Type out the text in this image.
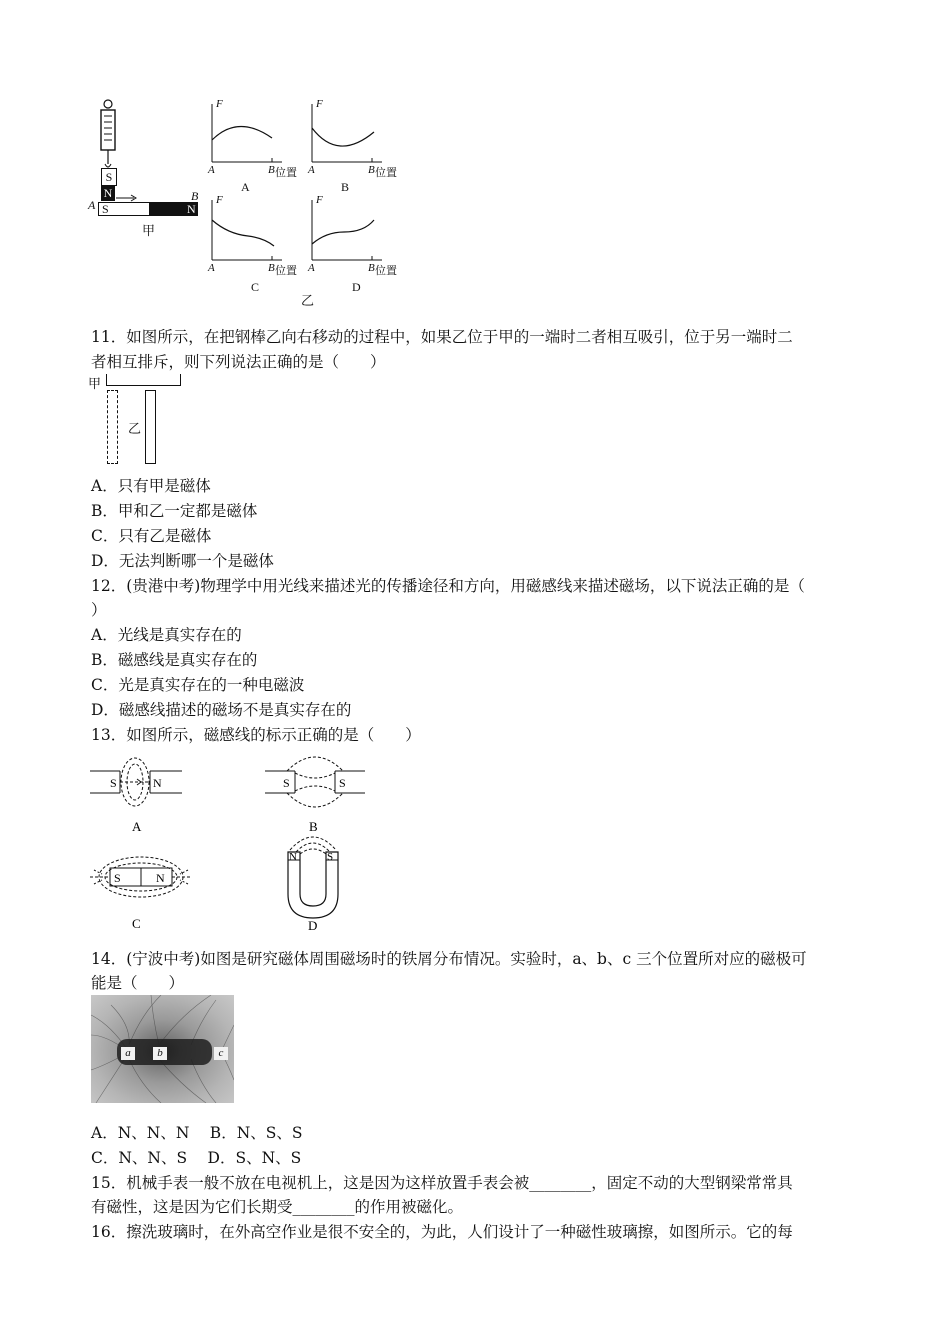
S
N
A
B
S	N
甲
F
A	B 位置
A
F
A	B 位置
B
F
A	B 位置
C
F
A	B 位置
D
乙
11．如图所示，在把钢棒乙向右移动的过程中，如果乙位于甲的一端时二者相互吸引，位于另一端时二
者相互排斥，则下列说法正确的是（　　）
甲
乙
A．只有甲是磁体
B．甲和乙一定都是磁体
C．只有乙是磁体
D．无法判断哪一个是磁体
12．(贵港中考)物理学中用光线来描述光的传播途径和方向，用磁感线来描述磁场，以下说法正确的是（
）
A．光线是真实存在的
B．磁感线是真实存在的
C．光是真实存在的一种电磁波
D．磁感线描述的磁场不是真实存在的
13．如图所示，磁感线的标示正确的是（　　）
S	N
A
S	S
B
S	N
C
N	S
D
14．(宁波中考)如图是研究磁体周围磁场时的铁屑分布情况。实验时，a、b、c 三个位置所对应的磁极可
能是（　　）
a	b	c
A．N、N、N　 B．N、S、S
C．N、N、S　 D．S、N、S
15．机械手表一般不放在电视机上，这是因为这样放置手表会被________，固定不动的大型钢梁常常具
有磁性，这是因为它们长期受________的作用被磁化。
16．擦洗玻璃时，在外高空作业是很不安全的，为此，人们设计了一种磁性玻璃擦，如图所示。它的每
